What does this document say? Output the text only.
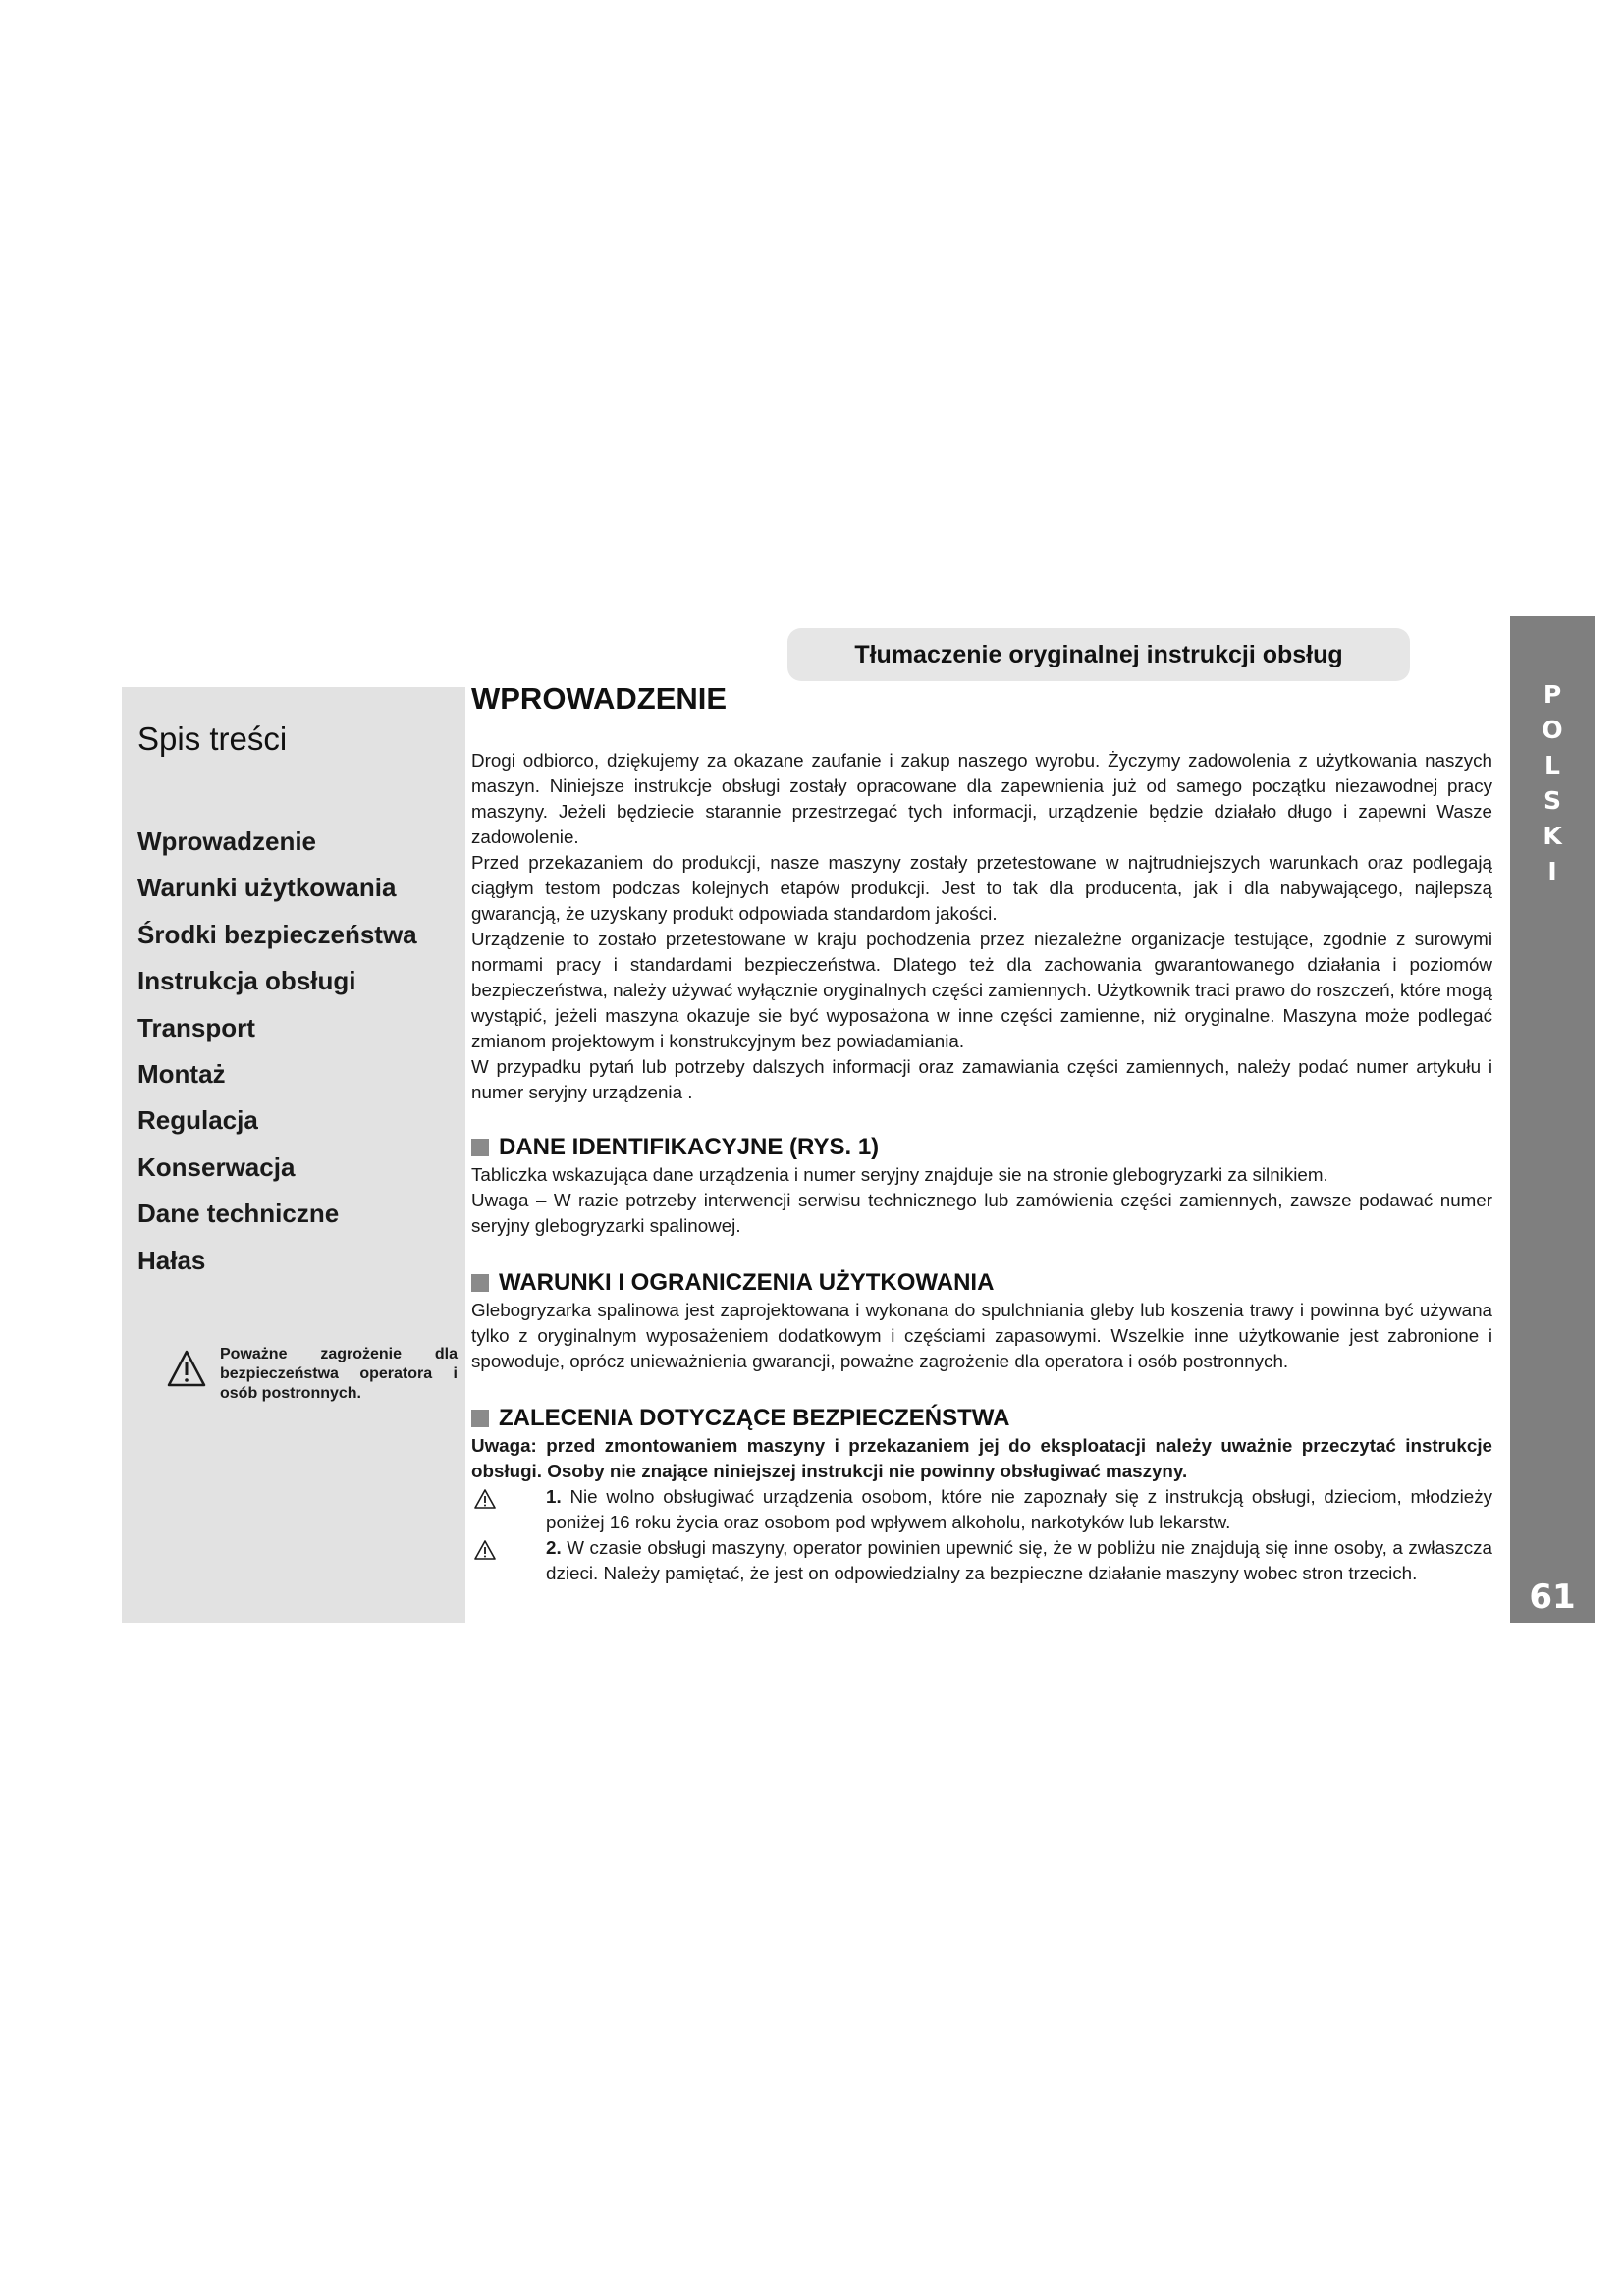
Tłumaczenie oryginalnej instrukcji obsług
Spis treści
Wprowadzenie
Warunki użytkowania
Środki bezpieczeństwa
Instrukcja obsługi
Transport
Montaż
Regulacja
Konserwacja
Dane techniczne
Hałas
Poważne zagrożenie dla bezpieczeństwa operatora i osób postronnych.
WPROWADZENIE

Drogi odbiorco, dziękujemy za okazane zaufanie i zakup naszego wyrobu. Życzymy zadowolenia z użytkowania naszych maszyn. Niniejsze instrukcje obsługi zostały opracowane dla zapewnienia już od samego początku niezawodnej pracy maszyny. Jeżeli będziecie starannie przestrzegać tych informacji, urządzenie będzie działało długo i zapewni Wasze zadowolenie.

Przed przekazaniem do produkcji, nasze maszyny zostały przetestowane w najtrudniejszych warunkach oraz podlegają ciągłym testom podczas kolejnych etapów produkcji. Jest to tak dla producenta, jak i dla nabywającego, najlepszą gwarancją, że uzyskany produkt odpowiada standardom jakości.

Urządzenie to zostało przetestowane w kraju pochodzenia przez niezależne organizacje testujące, zgodnie z surowymi normami pracy i standardami bezpieczeństwa. Dlatego też dla zachowania gwarantowanego działania i poziomów bezpieczeństwa, należy używać wyłącznie oryginalnych części zamiennych. Użytkownik traci prawo do roszczeń, które mogą wystąpić, jeżeli maszyna okazuje sie być wyposażona w inne części zamienne, niż oryginalne. Maszyna może podlegać zmianom projektowym i konstrukcyjnym bez powiadamiania.

W przypadku pytań lub potrzeby dalszych informacji oraz zamawiania części zamiennych, należy podać numer artykułu i numer seryjny urządzenia .

DANE IDENTIFIKACYJNE (RYS. 1)

Tabliczka wskazująca dane urządzenia i numer seryjny znajduje sie na stronie glebogryzarki za silnikiem.

Uwaga – W razie potrzeby interwencji serwisu technicznego lub zamówienia części zamiennych, zawsze podawać numer seryjny glebogryzarki spalinowej.

WARUNKI I OGRANICZENIA UŻYTKOWANIA

Glebogryzarka spalinowa jest zaprojektowana i wykonana do spulchniania gleby lub koszenia trawy i powinna być używana tylko z oryginalnym wyposażeniem dodatkowym i częściami zapasowymi. Wszelkie inne użytkowanie jest zabronione i spowoduje, oprócz unieważnienia gwarancji, poważne zagrożenie dla operatora i osób postronnych.

ZALECENIA DOTYCZĄCE BEZPIECZEŃSTWA

Uwaga: przed zmontowaniem maszyny i przekazaniem jej do eksploatacji należy uważnie przeczytać instrukcje obsługi. Osoby nie znające niniejszej instrukcji nie powinny obsługiwać maszyny.

1. Nie wolno obsługiwać urządzenia osobom, które nie zapoznały się z instrukcją obsługi, dzieciom, młodzieży poniżej 16 roku życia oraz osobom pod wpływem alkoholu, narkotyków lub lekarstw.

2. W czasie obsługi maszyny, operator powinien upewnić się, że w pobliżu nie znajdują się inne osoby, a zwłaszcza dzieci. Należy pamiętać, że jest on odpowiedzialny za bezpieczne działanie maszyny wobec stron trzecich.

P
O
L
S
K
I
61
